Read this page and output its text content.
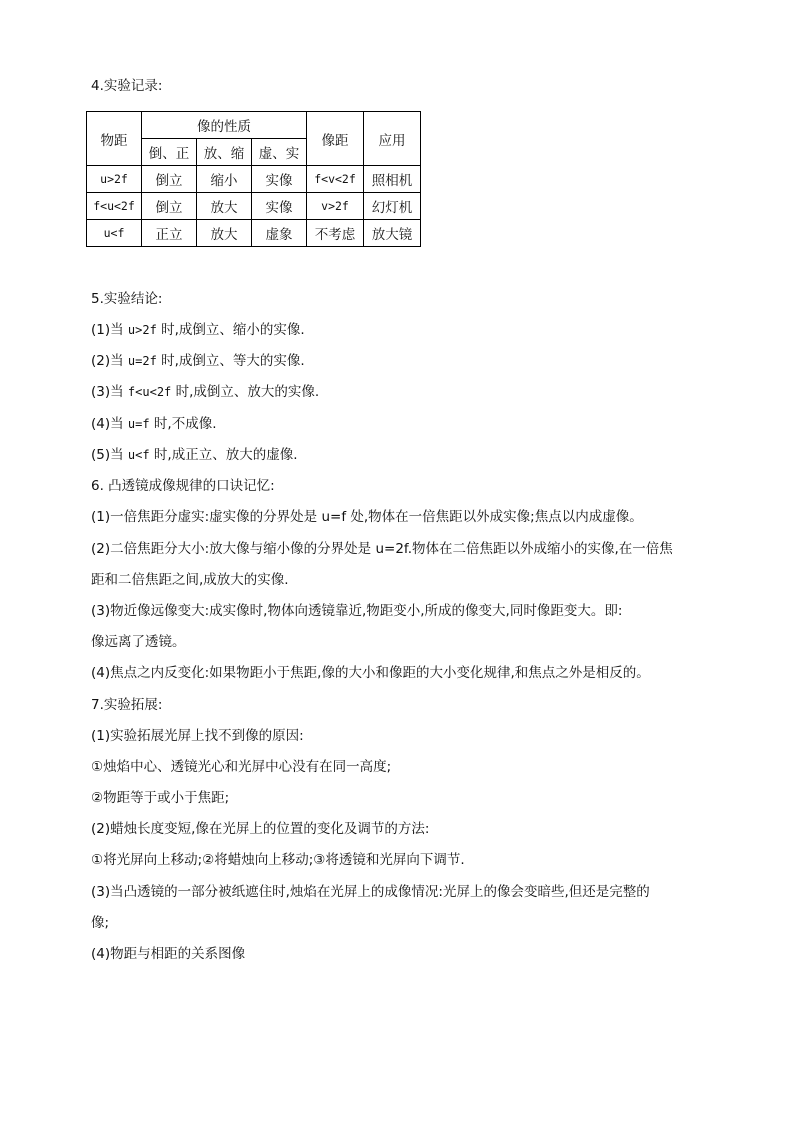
4.实验记录:
物距	像的性质			像距	应用
	倒、正	放、缩	虚、实		
u>2f	倒立	缩小	实像	f<v<2f	照相机
f<u<2f	倒立	放大	实像	v>2f	幻灯机
u<f	正立	放大	虚象	不考虑	放大镜
5.实验结论:
(1)当 u>2f 时,成倒立、缩小的实像.
(2)当 u=2f 时,成倒立、等大的实像.
(3)当 f<u<2f 时,成倒立、放大的实像.
(4)当 u=f 时,不成像.
(5)当 u<f 时,成正立、放大的虚像.
6. 凸透镜成像规律的口诀记忆:
(1)一倍焦距分虚实:虚实像的分界处是 u=f 处,物体在一倍焦距以外成实像;焦点以内成虚像。
(2)二倍焦距分大小:放大像与缩小像的分界处是 u=2f.物体在二倍焦距以外成缩小的实像,在一倍焦
距和二倍焦距之间,成放大的实像.
(3)物近像远像变大:成实像时,物体向透镜靠近,物距变小,所成的像变大,同时像距变大。即:
像远离了透镜。
(4)焦点之内反变化:如果物距小于焦距,像的大小和像距的大小变化规律,和焦点之外是相反的。
7.实验拓展:
(1)实验拓展光屏上找不到像的原因:
①烛焰中心、透镜光心和光屏中心没有在同一高度;
②物距等于或小于焦距;
(2)蜡烛长度变短,像在光屏上的位置的变化及调节的方法:
①将光屏向上移动;②将蜡烛向上移动;③将透镜和光屏向下调节.
(3)当凸透镜的一部分被纸遮住时,烛焰在光屏上的成像情况:光屏上的像会变暗些,但还是完整的
像;
(4)物距与相距的关系图像
